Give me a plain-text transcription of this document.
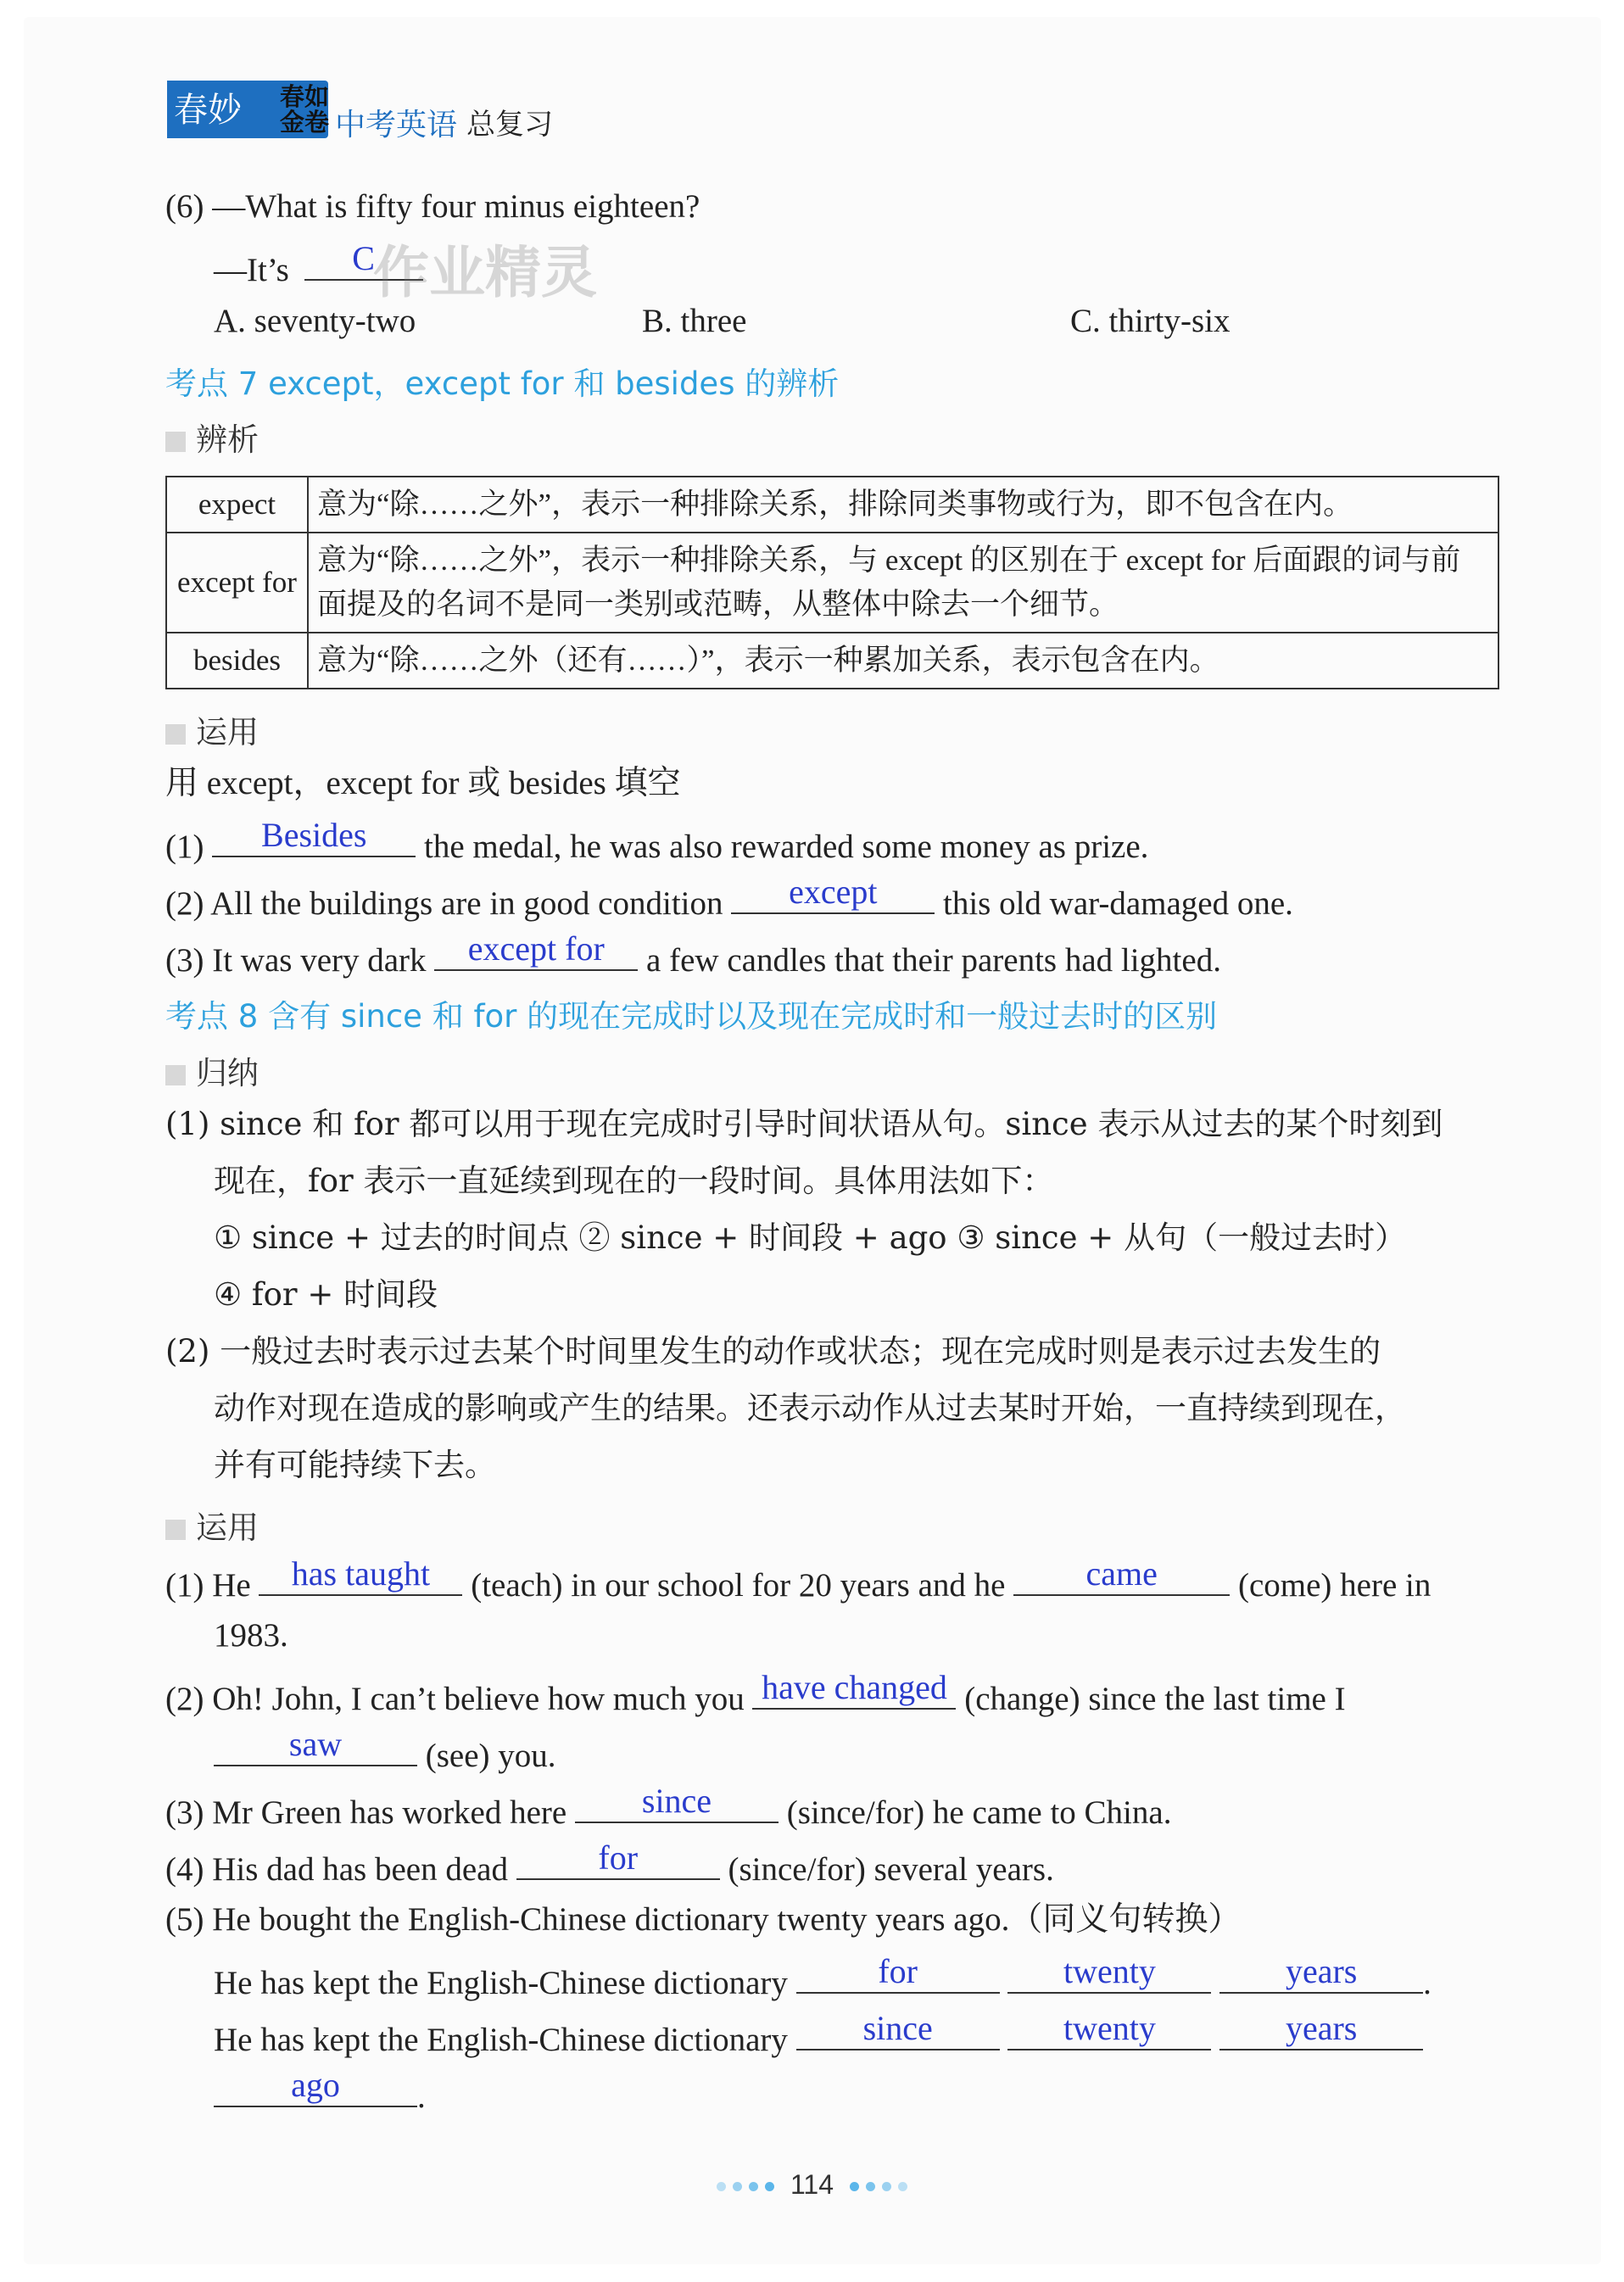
春妙 春如金卷 中考英语 总复习
(6) —What is fifty four minus eighteen?
—It’s	C
作业精灵
A. seventy-two	B. three	C. thirty-six
考点 7 except，except for 和 besides 的辨析
辨析
expect	意为“除……之外”，表示一种排除关系，排除同类事物或行为，即不包含在内。
except for	意为“除……之外”，表示一种排除关系，与 except 的区别在于 except for 后面跟的词与前面提及的名词不是同一类别或范畴，从整体中除去一个细节。
besides	意为“除……之外（还有……）”，表示一种累加关系，表示包含在内。
运用
用 except，except for 或 besides 填空
(1)	Besides	the medal, he was also rewarded some money as prize.
(2) All the buildings are in good condition	except	this old war-damaged one.
(3) It was very dark	except for	a few candles that their parents had lighted.
考点 8 含有 since 和 for 的现在完成时以及现在完成时和一般过去时的区别
归纳
(1) since 和 for 都可以用于现在完成时引导时间状语从句。since 表示从过去的某个时刻到
现在，for 表示一直延续到现在的一段时间。具体用法如下：
① since + 过去的时间点 ② since + 时间段 + ago ③ since + 从句（一般过去时）
④ for + 时间段
(2) 一般过去时表示过去某个时间里发生的动作或状态；现在完成时则是表示过去发生的
动作对现在造成的影响或产生的结果。还表示动作从过去某时开始，一直持续到现在，
并有可能持续下去。
运用
(1) He	has taught	(teach) in our school for 20 years and he	came	(come) here in
1983.
(2) Oh! John, I can’t believe how much you have changed (change) since the last time I
saw	(see) you.
(3) Mr Green has worked here	since	(since/for) he came to China.
(4) His dad has been dead	for	(since/for) several years.
(5) He bought the English-Chinese dictionary twenty years ago.（同义句转换）
He has kept the English-Chinese dictionary	for
	twenty
	years	.
He has kept the English-Chinese dictionary	since
	twenty
	years
ago	.
114
